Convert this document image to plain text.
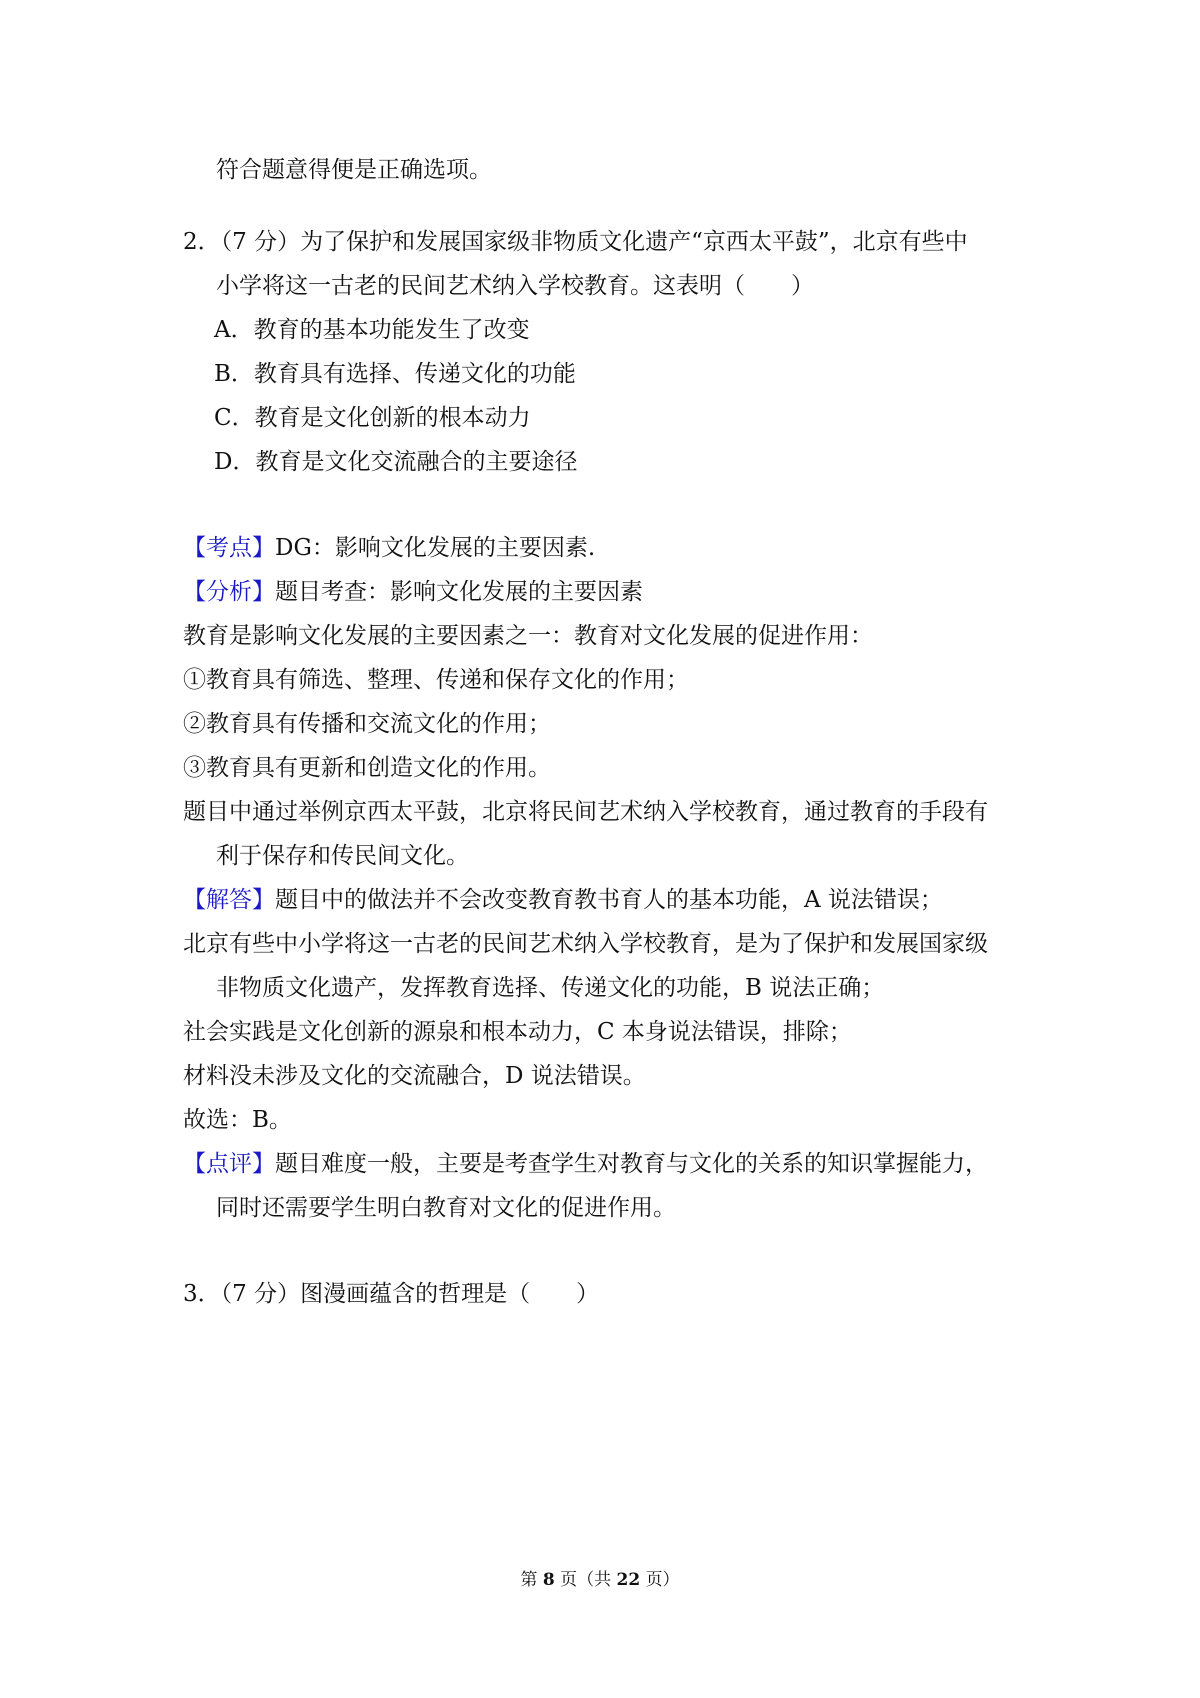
符合题意得便是正确选项。
2．（7 分）为了保护和发展国家级非物质文化遗产“京西太平鼓”，北京有些中
小学将这一古老的民间艺术纳入学校教育。这表明（　　）
A．教育的基本功能发生了改变
B．教育具有选择、传递文化的功能
C．教育是文化创新的根本动力
D．教育是文化交流融合的主要途径
【考点】DG：影响文化发展的主要因素.
【分析】题目考查：影响文化发展的主要因素
教育是影响文化发展的主要因素之一：教育对文化发展的促进作用：
①教育具有筛选、整理、传递和保存文化的作用；
②教育具有传播和交流文化的作用；
③教育具有更新和创造文化的作用。
题目中通过举例京西太平鼓，北京将民间艺术纳入学校教育，通过教育的手段有
利于保存和传民间文化。
【解答】题目中的做法并不会改变教育教书育人的基本功能，A 说法错误；
北京有些中小学将这一古老的民间艺术纳入学校教育，是为了保护和发展国家级
非物质文化遗产，发挥教育选择、传递文化的功能，B 说法正确；
社会实践是文化创新的源泉和根本动力，C 本身说法错误，排除；
材料没未涉及文化的交流融合，D 说法错误。
故选：B。
【点评】题目难度一般，主要是考查学生对教育与文化的关系的知识掌握能力，
同时还需要学生明白教育对文化的促进作用。
3．（7 分）图漫画蕴含的哲理是（　　）
第 8 页（共 22 页）
